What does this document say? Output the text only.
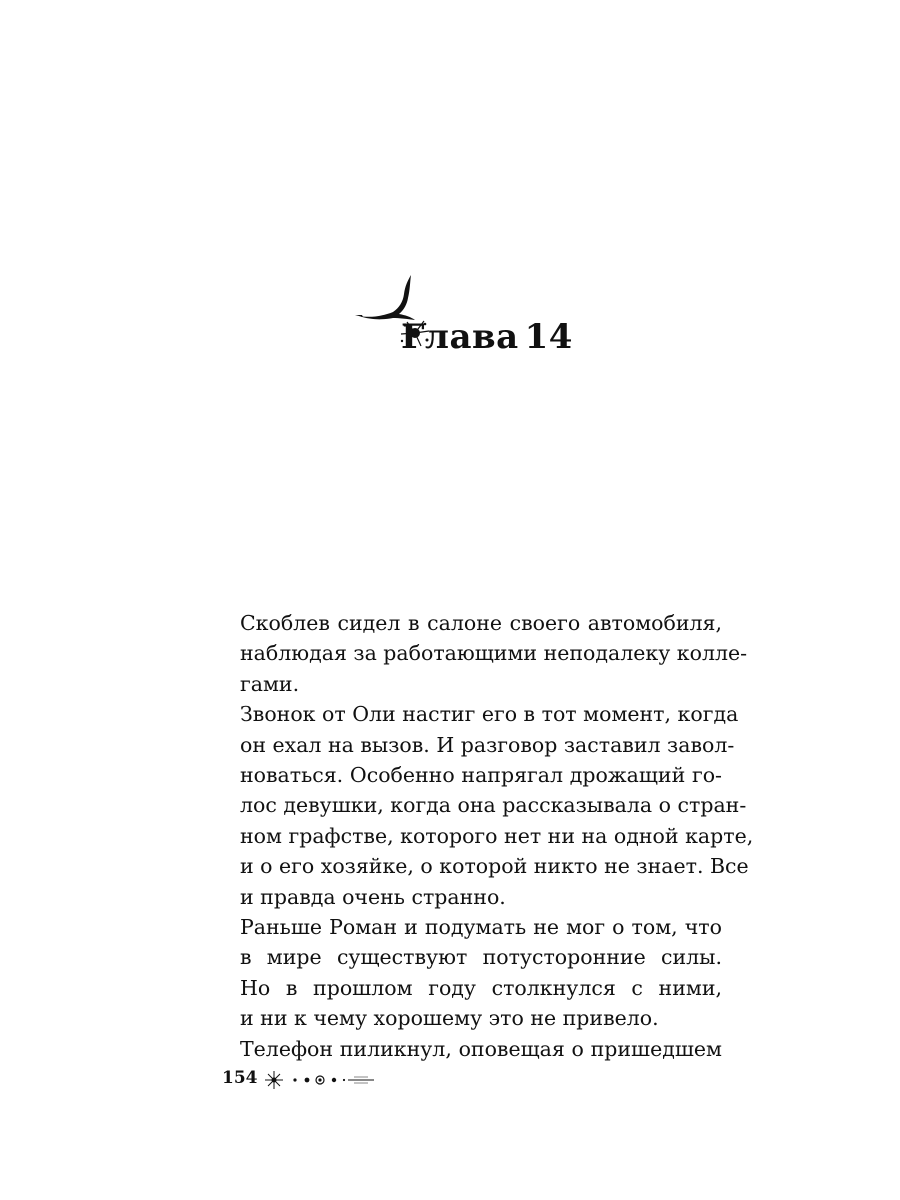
Глава 14

Скоблев сидел в салоне своего автомобиля,
наблюдая за работающими неподалеку колле-
гами.

Звонок от Оли настиг его в тот момент, когда
он ехал на вызов. И разговор заставил завол-
новаться. Особенно напрягал дрожащий го-
лос девушки, когда она рассказывала о стран-
ном графстве, которого нет ни на одной карте,
и о его хозяйке, о которой никто не знает. Все
и правда очень странно.

Раньше Роман и подумать не мог о том, что
в мире существуют потусторонние силы.
Но в прошлом году столкнулся с ними,
и ни к чему хорошему это не привело.

Телефон пиликнул, оповещая о пришедшем

154
